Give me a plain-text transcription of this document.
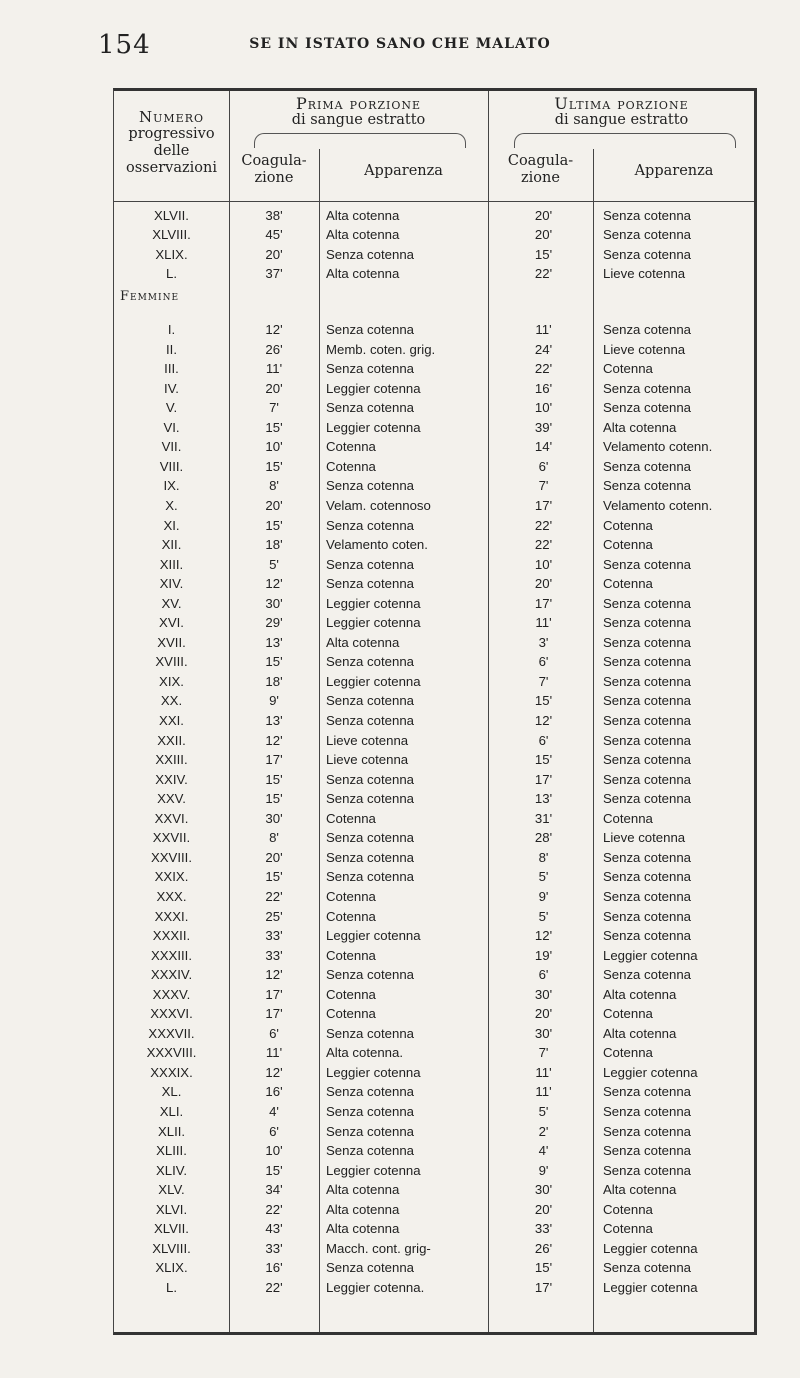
154	SE IN ISTATO SANO CHE MALATO
Numero
progressivo
delle
osservazioni
Prima porzione
di sangue estratto
Ultima porzione
di sangue estratto
Coagula-
zione	Apparenza
Coagula-
zione	Apparenza
Femmine
XLVII.	38'	Alta cotenna	20'	Senza cotenna
XLVIII.	45'	Alta cotenna	20'	Senza cotenna
XLIX.	20'	Senza cotenna	15'	Senza cotenna
L.	37'	Alta cotenna	22'	Lieve cotenna
I.	12'	Senza cotenna	11'	Senza cotenna
II.	26'	Memb. coten. grig.	24'	Lieve cotenna
III.	11'	Senza cotenna	22'	Cotenna
IV.	20'	Leggier cotenna	16'	Senza cotenna
V.	7'	Senza cotenna	10'	Senza cotenna
VI.	15'	Leggier cotenna	39'	Alta cotenna
VII.	10'	Cotenna	14'	Velamento cotenn.
VIII.	15'	Cotenna	6'	Senza cotenna
IX.	8'	Senza cotenna	7'	Senza cotenna
X.	20'	Velam. cotennoso	17'	Velamento cotenn.
XI.	15'	Senza cotenna	22'	Cotenna
XII.	18'	Velamento coten.	22'	Cotenna
XIII.	5'	Senza cotenna	10'	Senza cotenna
XIV.	12'	Senza cotenna	20'	Cotenna
XV.	30'	Leggier cotenna	17'	Senza cotenna
XVI.	29'	Leggier cotenna	11'	Senza cotenna
XVII.	13'	Alta cotenna	3'	Senza cotenna
XVIII.	15'	Senza cotenna	6'	Senza cotenna
XIX.	18'	Leggier cotenna	7'	Senza cotenna
XX.	9'	Senza cotenna	15'	Senza cotenna
XXI.	13'	Senza cotenna	12'	Senza cotenna
XXII.	12'	Lieve cotenna	6'	Senza cotenna
XXIII.	17'	Lieve cotenna	15'	Senza cotenna
XXIV.	15'	Senza cotenna	17'	Senza cotenna
XXV.	15'	Senza cotenna	13'	Senza cotenna
XXVI.	30'	Cotenna	31'	Cotenna
XXVII.	8'	Senza cotenna	28'	Lieve cotenna
XXVIII.	20'	Senza cotenna	8'	Senza cotenna
XXIX.	15'	Senza cotenna	5'	Senza cotenna
XXX.	22'	Cotenna	9'	Senza cotenna
XXXI.	25'	Cotenna	5'	Senza cotenna
XXXII.	33'	Leggier cotenna	12'	Senza cotenna
XXXIII.	33'	Cotenna	19'	Leggier cotenna
XXXIV.	12'	Senza cotenna	6'	Senza cotenna
XXXV.	17'	Cotenna	30'	Alta cotenna
XXXVI.	17'	Cotenna	20'	Cotenna
XXXVII.	6'	Senza cotenna	30'	Alta cotenna
XXXVIII.	11'	Alta cotenna.	7'	Cotenna
XXXIX.	12'	Leggier cotenna	11'	Leggier cotenna
XL.	16'	Senza cotenna	11'	Senza cotenna
XLI.	4'	Senza cotenna	5'	Senza cotenna
XLII.	6'	Senza cotenna	2'	Senza cotenna
XLIII.	10'	Senza cotenna	4'	Senza cotenna
XLIV.	15'	Leggier cotenna	9'	Senza cotenna
XLV.	34'	Alta cotenna	30'	Alta cotenna
XLVI.	22'	Alta cotenna	20'	Cotenna
XLVII.	43'	Alta cotenna	33'	Cotenna
XLVIII.	33'	Macch. cont. grig-	26'	Leggier cotenna
XLIX.	16'	Senza cotenna	15'	Senza cotenna
L.	22'	Leggier cotenna.	17'	Leggier cotenna
